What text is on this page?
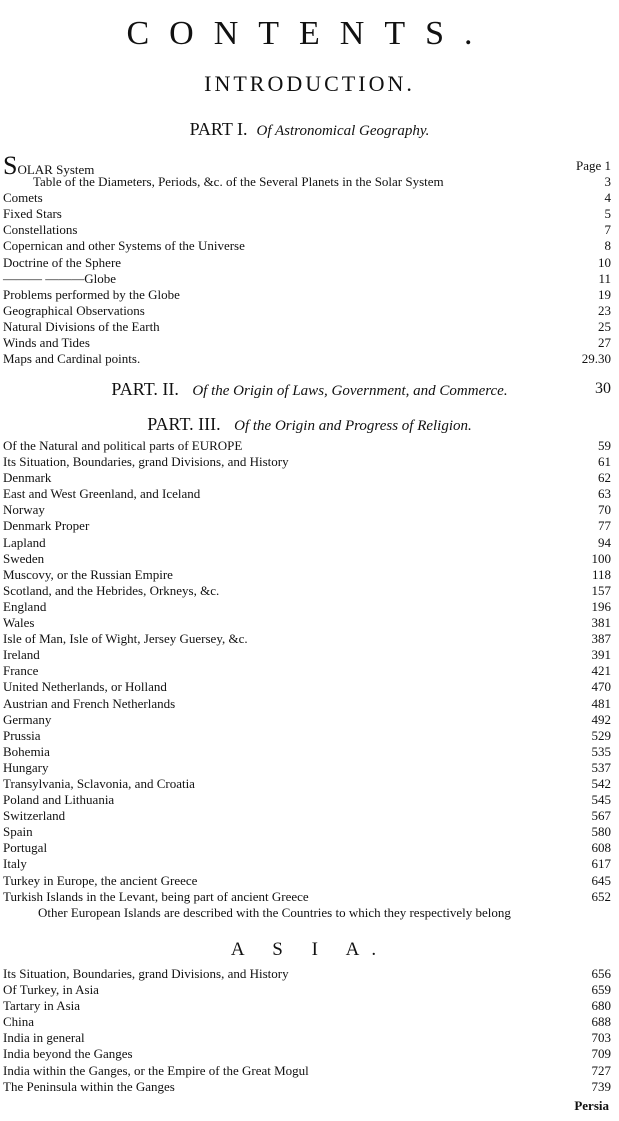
CONTENTS.
INTRODUCTION.
PART I. Of Astronomical Geography.
SOLAR System	Page 1
Table of the Diameters, Periods, &c. of the Several Planets in the Solar System	3
Comets	4
Fixed Stars	5
Constellations	7
Copernican and other Systems of the Universe	8
Doctrine of the Sphere	10
——— ———Globe	11
Problems performed by the Globe	19
Geographical Observations	23
Natural Divisions of the Earth	25
Winds and Tides	27
Maps and Cardinal points.	29.30
PART. II. Of the Origin of Laws, Government, and Commerce.	30
PART. III. Of the Origin and Progress of Religion.
Of the Natural and political parts of EUROPE	59
Its Situation, Boundaries, grand Divisions, and History	61
Denmark	62
East and West Greenland, and Iceland	63
Norway	70
Denmark Proper	77
Lapland	94
Sweden	100
Muscovy, or the Russian Empire	118
Scotland, and the Hebrides, Orkneys, &c.	157
England	196
Wales	381
Isle of Man, Isle of Wight, Jersey Guersey, &c.	387
Ireland	391
France	421
United Netherlands, or Holland	470
Austrian and French Netherlands	481
Germany	492
Prussia	529
Bohemia	535
Hungary	537
Transylvania, Sclavonia, and Croatia	542
Poland and Lithuania	545
Switzerland	567
Spain	580
Portugal	608
Italy	617
Turkey in Europe, the ancient Greece	645
Turkish Islands in the Levant, being part of ancient Greece	652
Other European Islands are described with the Countries to which they respectively belong
A S I A.
Its Situation, Boundaries, grand Divisions, and History	656
Of Turkey, in Asia	659
Tartary in Asia	680
China	688
India in general	703
India beyond the Ganges	709
India within the Ganges, or the Empire of the Great Mogul	727
The Peninsula within the Ganges	739
Persia
